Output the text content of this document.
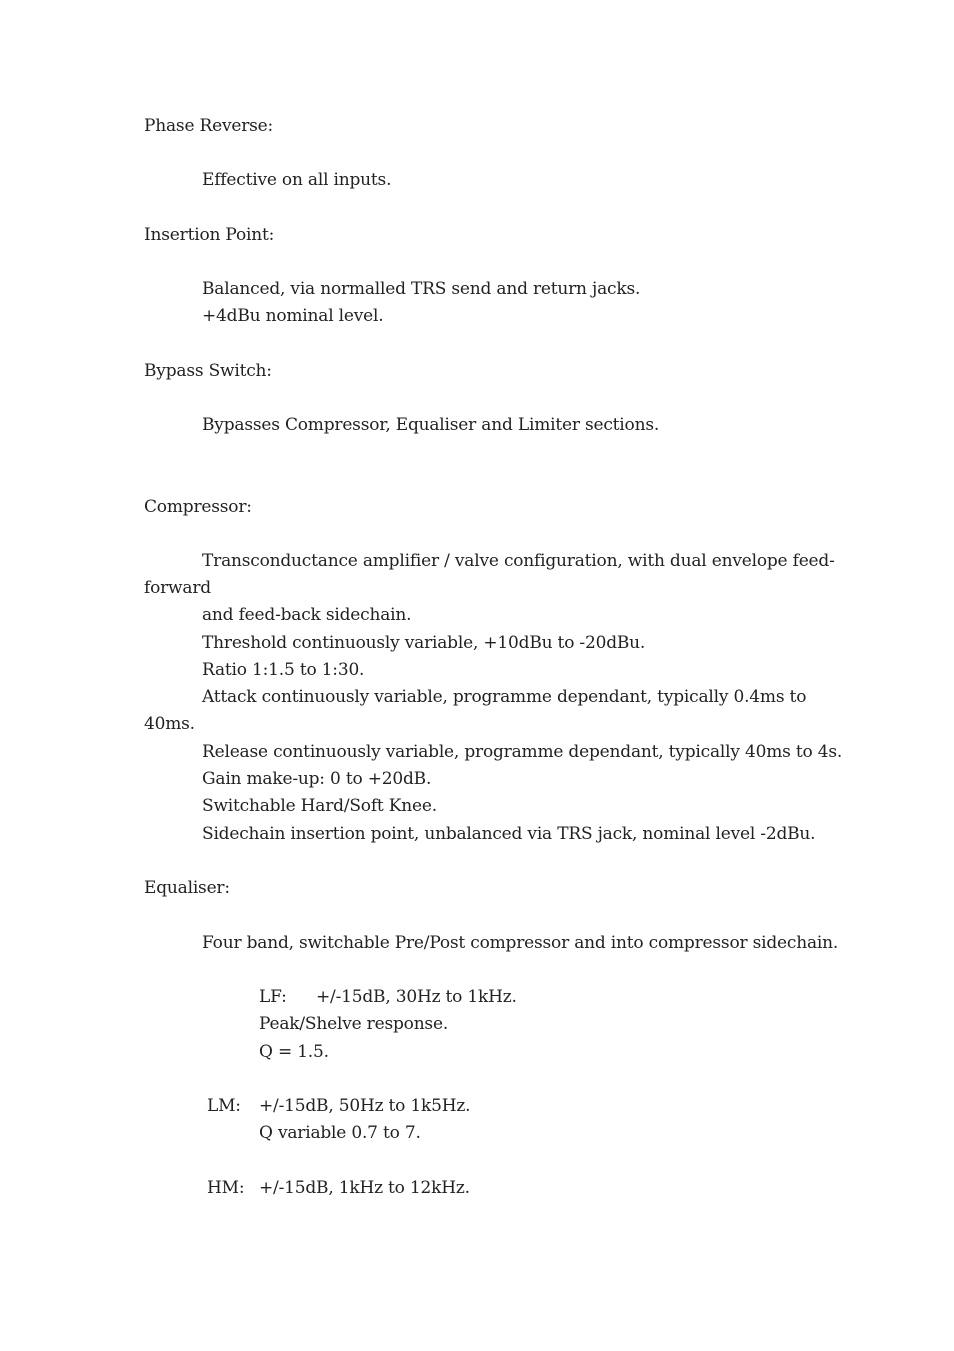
Phase Reverse:
Effective on all inputs.
Insertion Point:
Balanced, via normalled TRS send and return jacks.
+4dBu nominal level.
Bypass Switch:
Bypasses Compressor, Equaliser and Limiter sections.
Compressor:
Transconductance amplifier / valve configuration, with dual envelope feed-
forward
and feed-back sidechain.
Threshold continuously variable, +10dBu to -20dBu.
Ratio 1:1.5 to 1:30.
Attack continuously variable, programme dependant, typically 0.4ms to
40ms.
Release continuously variable, programme dependant, typically 40ms to 4s.
Gain make-up: 0 to +20dB.
Switchable Hard/Soft Knee.
Sidechain insertion point, unbalanced via TRS jack, nominal level -2dBu.
Equaliser:
Four band, switchable Pre/Post compressor and into compressor sidechain.
LF: +/-15dB, 30Hz to 1kHz.
Peak/Shelve response.
Q = 1.5.
LM: +/-15dB, 50Hz to 1k5Hz.
Q variable 0.7 to 7.
HM: +/-15dB, 1kHz to 12kHz.
